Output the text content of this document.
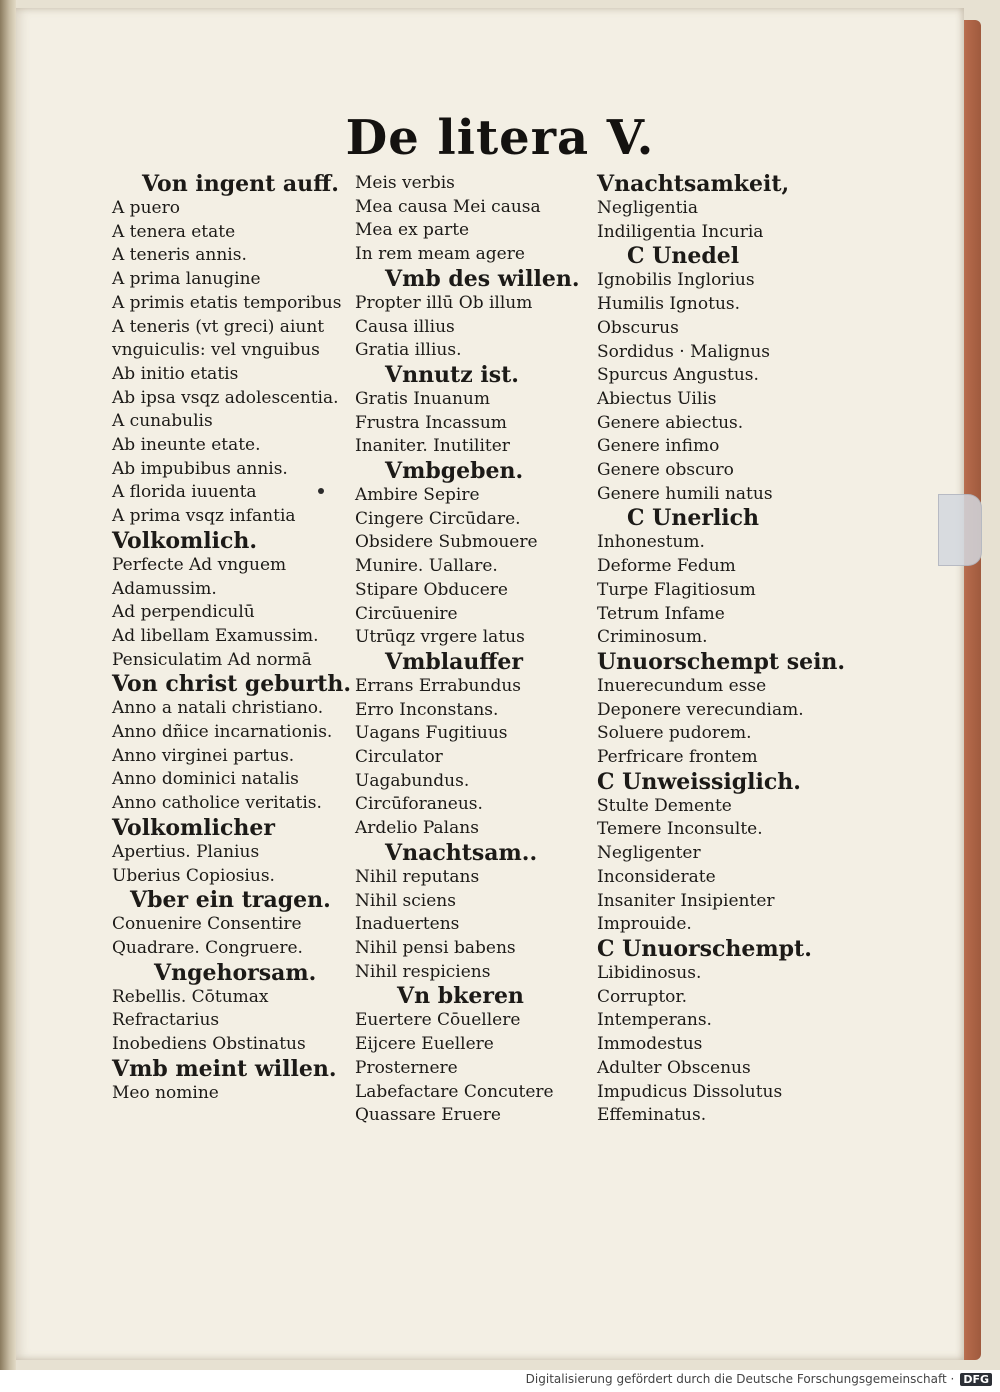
De litera V.
Von ingent auff.
A puero
A tenera etate
A teneris annis.
A prima lanugine
A primis etatis temporibus
A teneris (vt greci) aiunt
vnguiculis: vel vnguibus
Ab initio etatis
Ab ipsa vsqz adolescentia.
A cunabulis
Ab ineunte etate.
Ab impubibus annis.
A florida iuuenta
A prima vsqz infantia
Volkomlich.
Perfecte Ad vnguem
Adamussim.
Ad perpendiculū
Ad libellam Examussim.
Pensiculatim Ad normā
Von christ geburth.
Anno a natali christiano.
Anno dñice incarnationis.
Anno virginei partus.
Anno dominici natalis
Anno catholice veritatis.
Volkomlicher
Apertius. Planius
Uberius Copiosius.
Vber ein tragen.
Conuenire Consentire
Quadrare. Congruere.
Vngehorsam.
Rebellis. Cōtumax
Refractarius
Inobediens Obstinatus
Vmb meint willen.
Meo nomine
Meis verbis
Mea causa Mei causa
Mea ex parte
In rem meam agere
Vmb des willen.
Propter illū Ob illum
Causa illius
Gratia illius.
Vnnutz ist.
Gratis Inuanum
Frustra Incassum
Inaniter. Inutiliter
Vmbgeben.
Ambire Sepire
Cingere Circūdare.
Obsidere Submouere
Munire. Uallare.
Stipare Obducere
Circūuenire
Utrūqz vrgere latus
Vmblauffer
Errans Errabundus
Erro Inconstans.
Uagans Fugitiuus
Circulator
Uagabundus.
Circūforaneus.
Ardelio Palans
Vnachtsam..
Nihil reputans
Nihil sciens
Inaduertens
Nihil pensi babens
Nihil respiciens
Vn bkeren
Euertere Cōuellere
Eijcere Euellere
Prosternere
Labefactare Concutere
Quassare Eruere
Vnachtsamkeit,
Negligentia
Indiligentia Incuria
C Unedel
Ignobilis Inglorius
Humilis Ignotus.
Obscurus
Sordidus · Malignus
Spurcus Angustus.
Abiectus Uilis
Genere abiectus.
Genere infimo
Genere obscuro
Genere humili natus
C Unerlich
Inhonestum.
Deforme Fedum
Turpe Flagitiosum
Tetrum Infame
Criminosum.
Unuorschempt sein.
Inuerecundum esse
Deponere verecundiam.
Soluere pudorem.
Perfricare frontem
C Unweissiglich.
Stulte Demente
Temere Inconsulte.
Negligenter
Inconsiderate
Insaniter Insipienter
Improuide.
C Unuorschempt.
Libidinosus.
Corruptor.
Intemperans.
Immodestus
Adulter Obscenus
Impudicus Dissolutus
Effeminatus.
Digitalisierung gefördert durch die Deutsche Forschungsgemeinschaft · DFG
